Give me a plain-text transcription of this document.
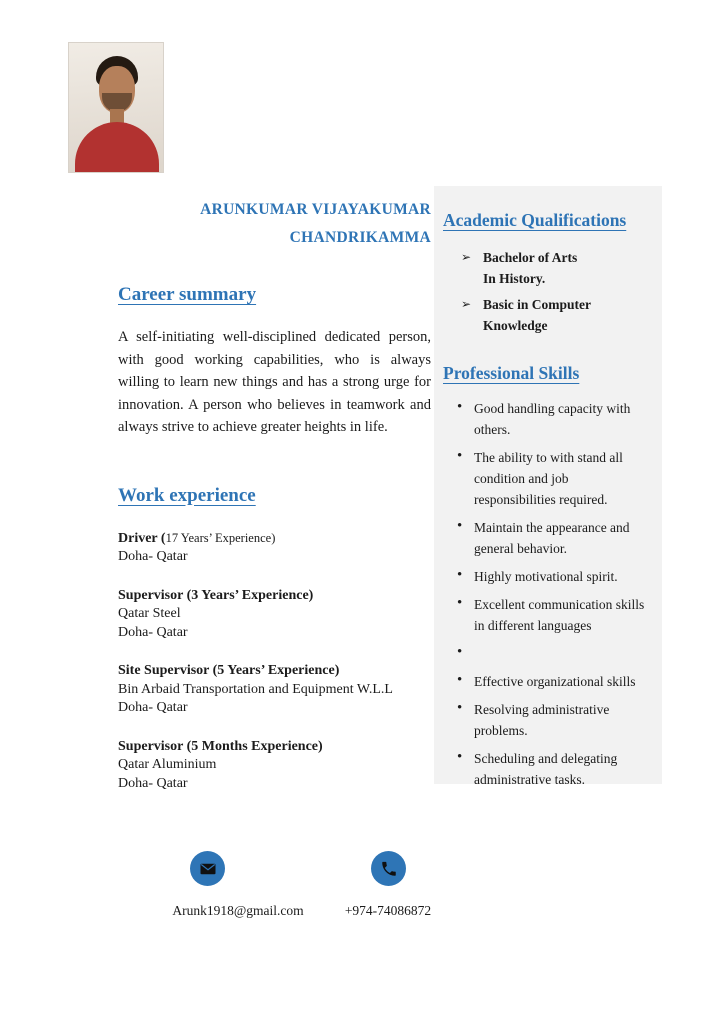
ARUNKUMAR VIJAYAKUMAR
CHANDRIKAMMA
Career summary
A self-initiating well-disciplined dedicated person, with good working capabilities, who is always willing to learn new things and has a strong urge for innovation. A person who believes in teamwork and always strive to achieve greater heights in life.
Work experience
Driver (17 Years’ Experience)
Doha- Qatar
Supervisor (3 Years’ Experience)
Qatar Steel
Doha- Qatar
Site Supervisor (5 Years’ Experience)
Bin Arbaid Transportation and Equipment W.L.L
Doha- Qatar
Supervisor (5 Months Experience)
Qatar Aluminium
Doha- Qatar
Academic Qualifications
➢ Bachelor of Arts
In History.
➢ Basic in Computer Knowledge
Professional Skills
• Good handling capacity with others.
• The ability to with stand all condition and job responsibilities required.
• Maintain the appearance and general behavior.
• Highly motivational spirit.
• Excellent communication skills in different languages
•
• Effective organizational skills
• Resolving administrative problems.
• Scheduling and delegating administrative tasks.
Arunk1918@gmail.com	+974-74086872
